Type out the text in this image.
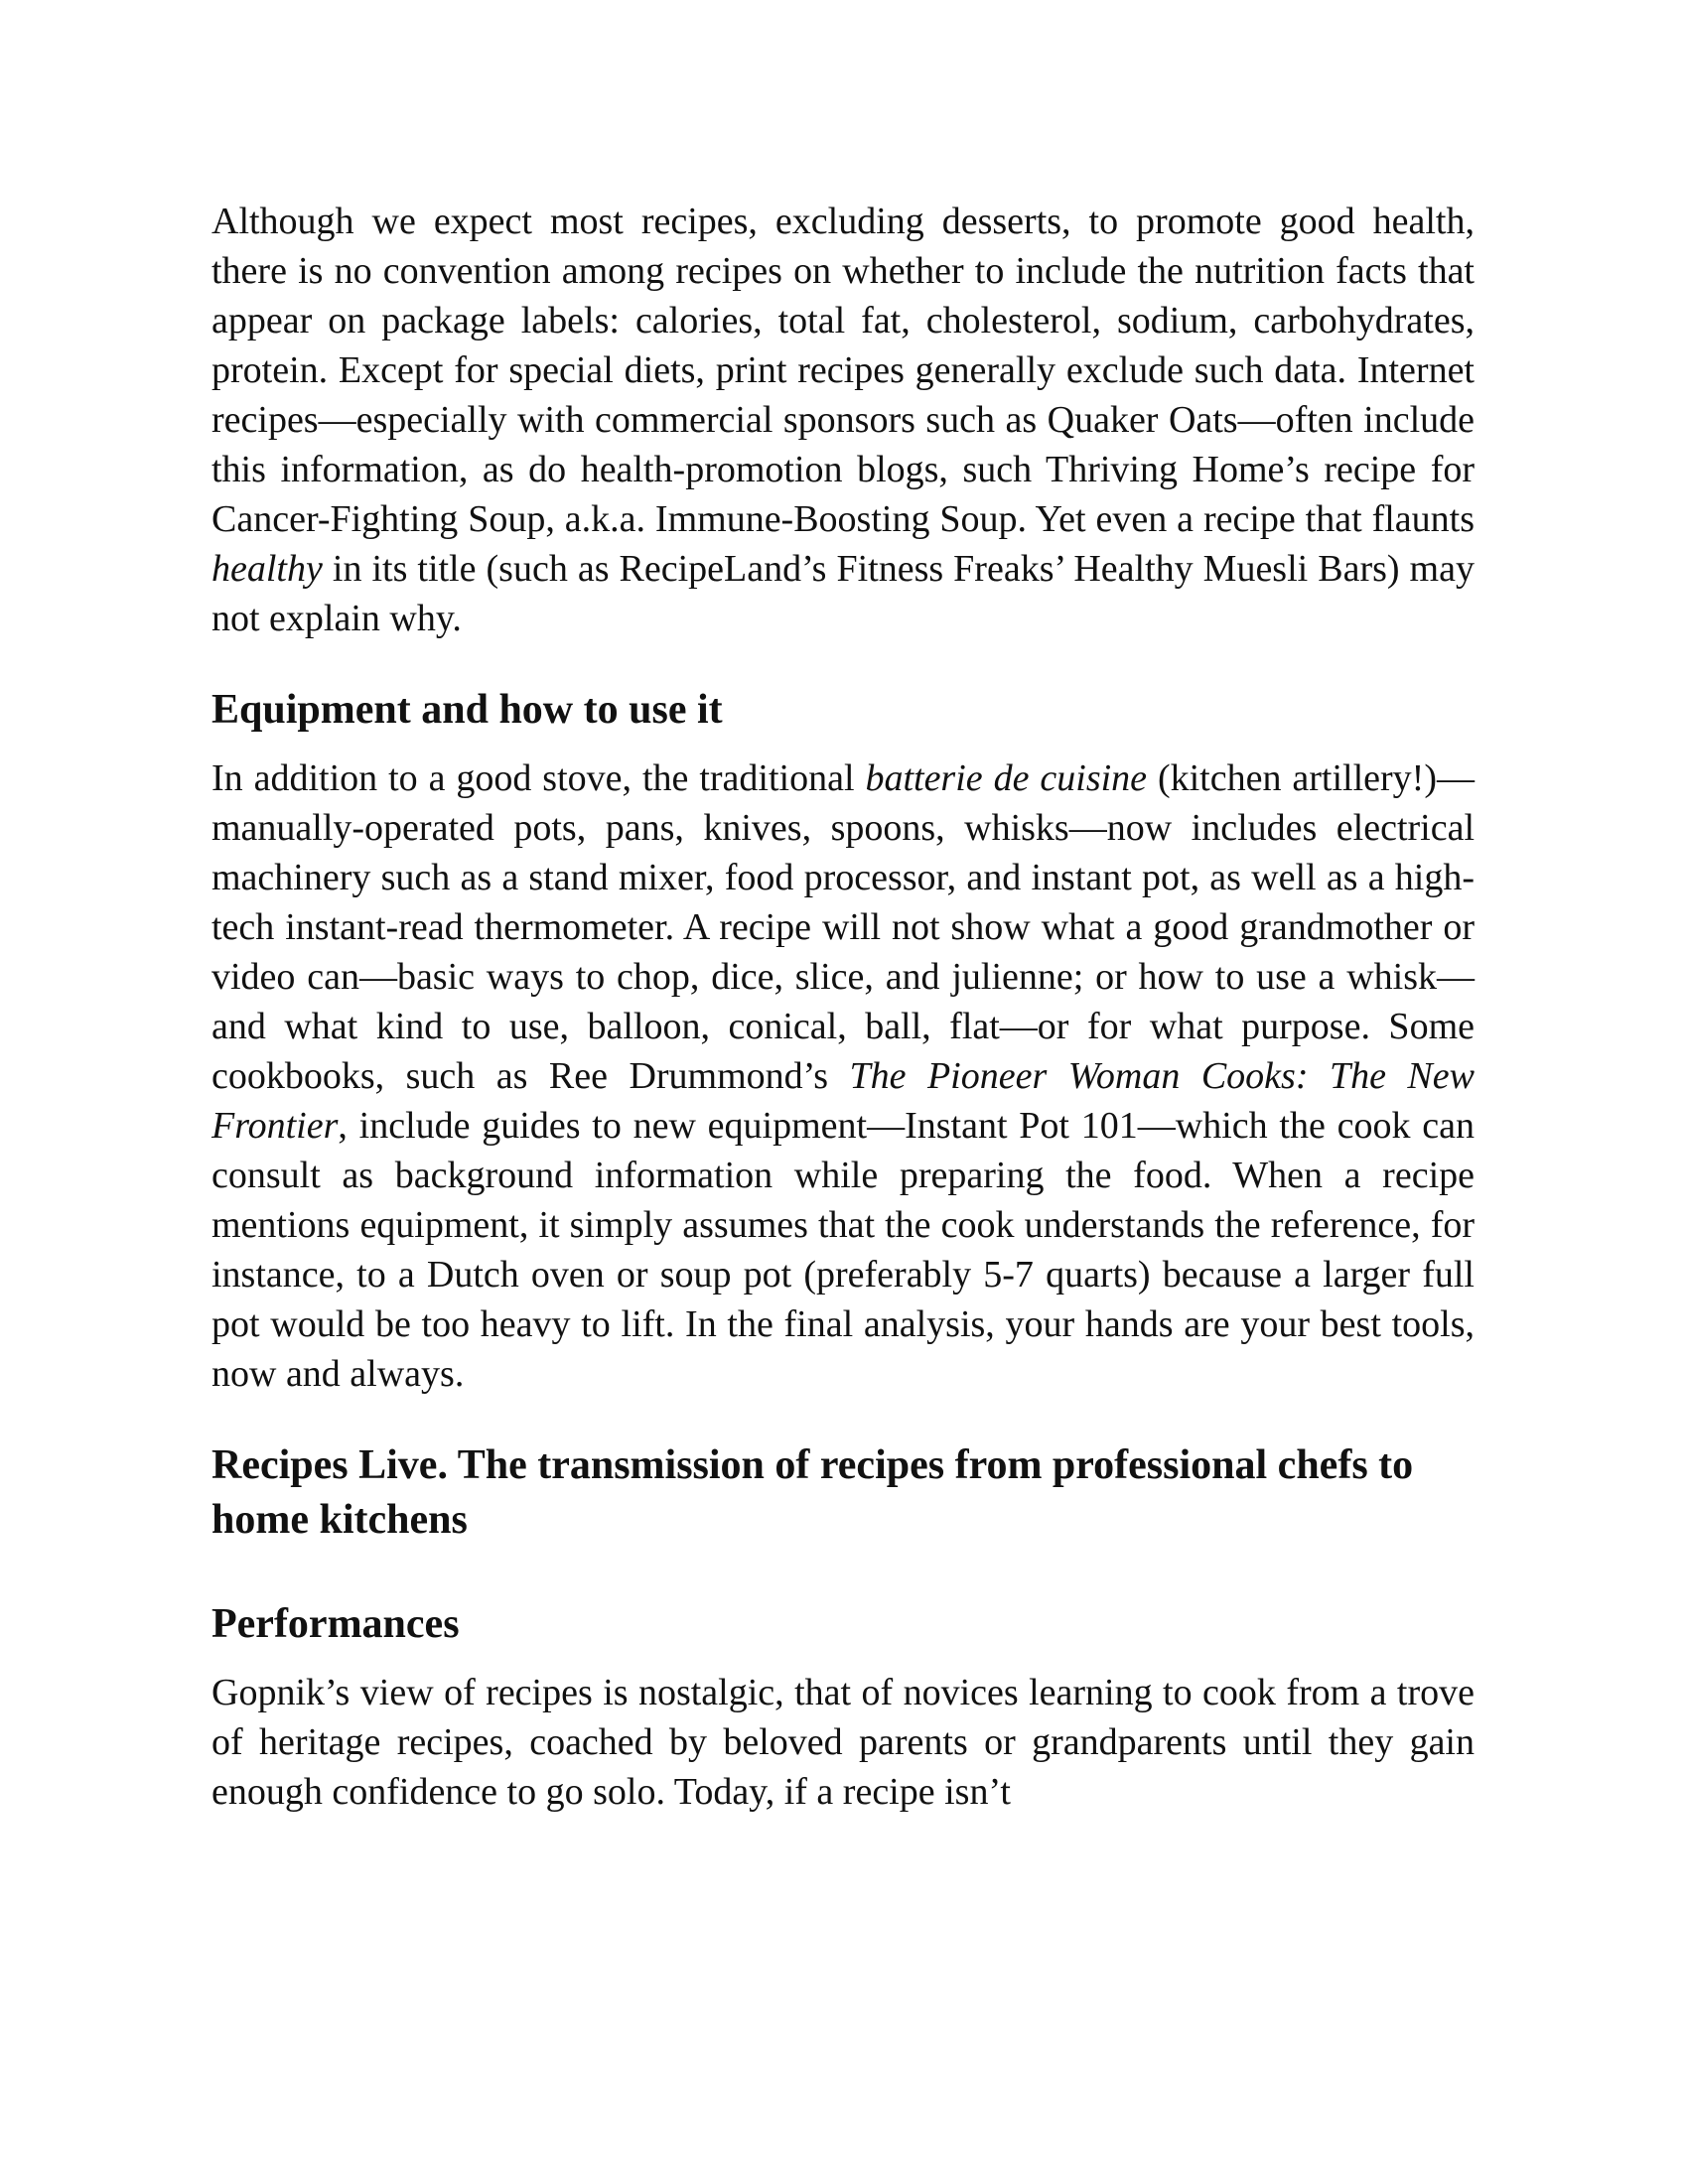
Although we expect most recipes, excluding desserts, to promote good health, there is no convention among recipes on whether to include the nutrition facts that appear on package labels: calories, total fat, cholesterol, sodium, carbohydrates, protein. Except for special diets, print recipes generally exclude such data. Internet recipes—especially with commercial sponsors such as Quaker Oats—often include this information, as do health-promotion blogs, such Thriving Home’s recipe for Cancer-Fighting Soup, a.k.a. Immune-Boosting Soup. Yet even a recipe that flaunts healthy in its title (such as RecipeLand’s Fitness Freaks’ Healthy Muesli Bars) may not explain why.

Equipment and how to use it

In addition to a good stove, the traditional batterie de cuisine (kitchen artillery!)—manually-operated pots, pans, knives, spoons, whisks—now includes electrical machinery such as a stand mixer, food processor, and instant pot, as well as a high-tech instant-read thermometer. A recipe will not show what a good grandmother or video can—basic ways to chop, dice, slice, and julienne; or how to use a whisk—and what kind to use, balloon, conical, ball, flat—or for what purpose. Some cookbooks, such as Ree Drummond’s The Pioneer Woman Cooks: The New Frontier, include guides to new equipment—Instant Pot 101—which the cook can consult as background information while preparing the food. When a recipe mentions equipment, it simply assumes that the cook understands the reference, for instance, to a Dutch oven or soup pot (preferably 5-7 quarts) because a larger full pot would be too heavy to lift. In the final analysis, your hands are your best tools, now and always.

Recipes Live. The transmission of recipes from professional chefs to home kitchens
Performances

Gopnik’s view of recipes is nostalgic, that of novices learning to cook from a trove of heritage recipes, coached by beloved parents or grandparents until they gain enough confidence to go solo. Today, if a recipe isn’t
